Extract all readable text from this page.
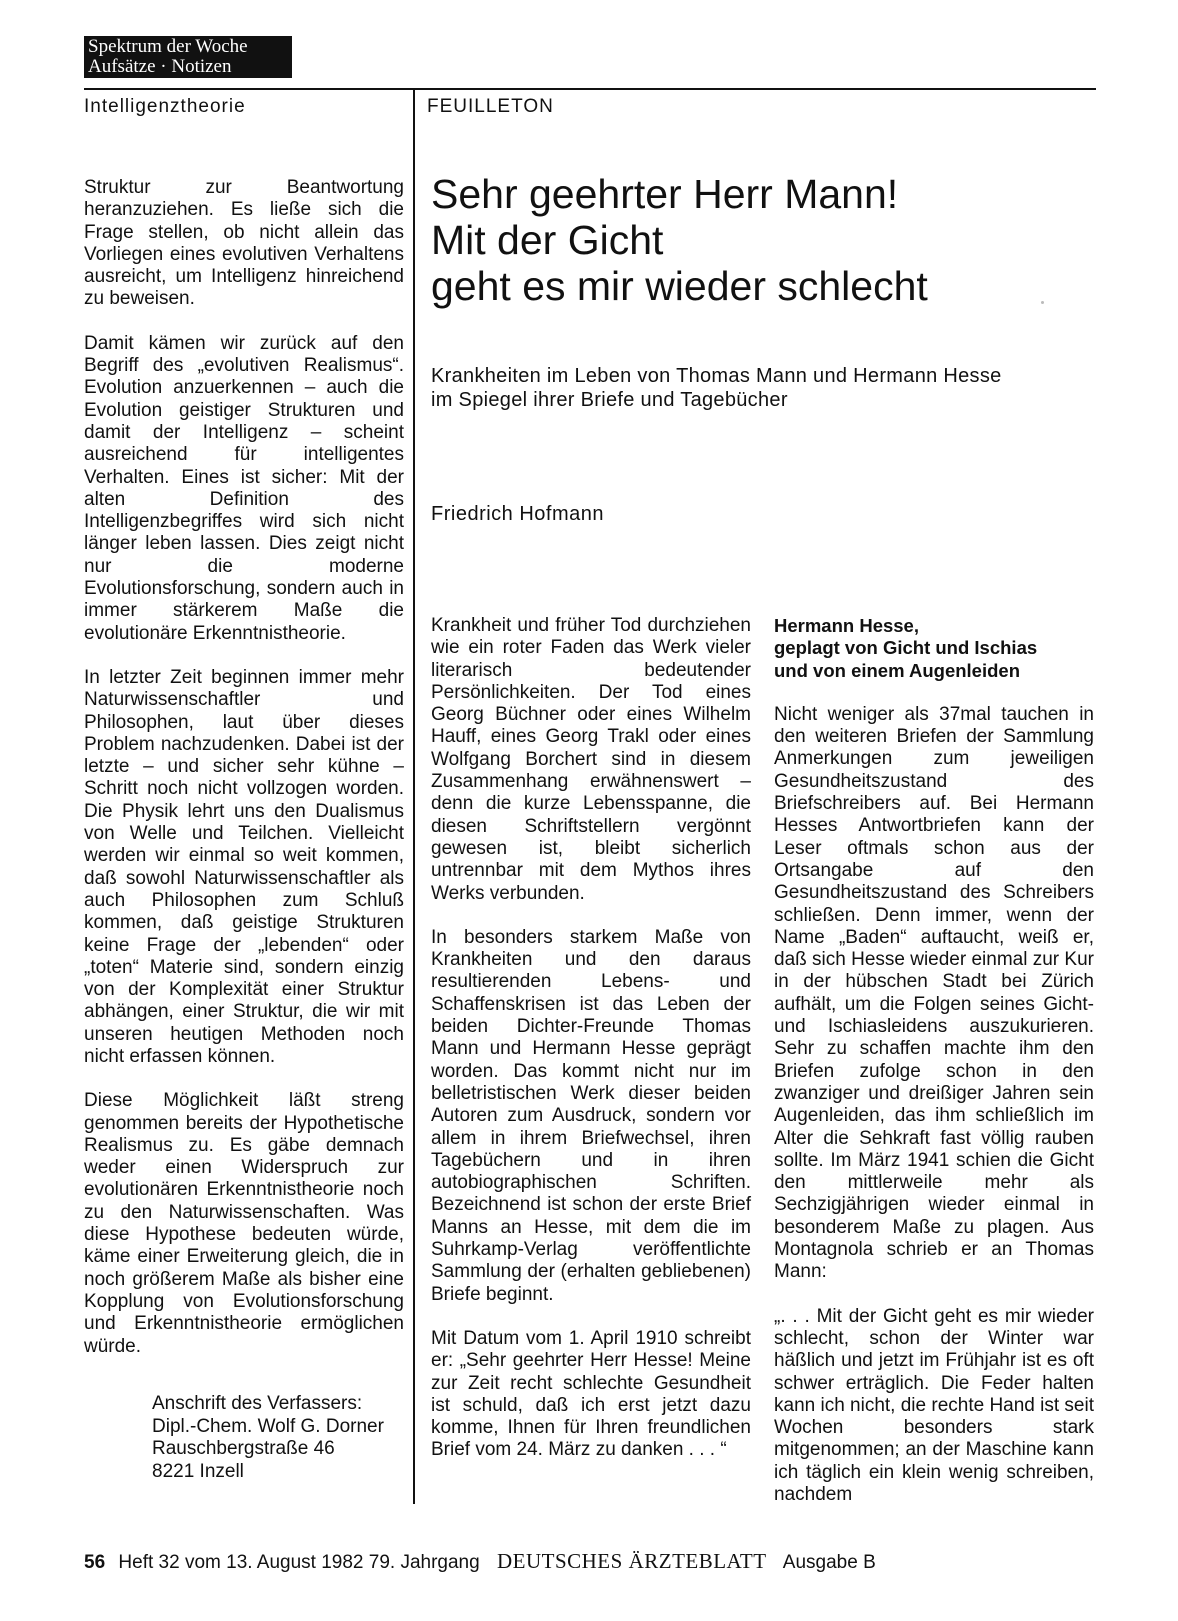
Spektrum der Woche
Aufsätze · Notizen
Intelligenztheorie	FEUILLETON

Struktur zur Beantwortung heranzuziehen. Es ließe sich die Frage stellen, ob nicht allein das Vorliegen eines evolutiven Verhaltens ausreicht, um Intelligenz hinreichend zu beweisen.

Damit kämen wir zurück auf den Begriff des „evolutiven Realismus“. Evolution anzuerkennen – auch die Evolution geistiger Strukturen und damit der Intelligenz – scheint ausreichend für intelligentes Verhalten. Eines ist sicher: Mit der alten Definition des Intelligenzbegriffes wird sich nicht länger leben lassen. Dies zeigt nicht nur die moderne Evolutionsforschung, sondern auch in immer stärkerem Maße die evolutionäre Erkenntnistheorie.

In letzter Zeit beginnen immer mehr Naturwissenschaftler und Philosophen, laut über dieses Problem nachzudenken. Dabei ist der letzte – und sicher sehr kühne – Schritt noch nicht vollzogen worden. Die Physik lehrt uns den Dualismus von Welle und Teilchen. Vielleicht werden wir einmal so weit kommen, daß sowohl Naturwissenschaftler als auch Philosophen zum Schluß kommen, daß geistige Strukturen keine Frage der „lebenden“ oder „toten“ Materie sind, sondern einzig von der Komplexität einer Struktur abhängen, einer Struktur, die wir mit unseren heutigen Methoden noch nicht erfassen können.

Diese Möglichkeit läßt streng genommen bereits der Hypothetische Realismus zu. Es gäbe demnach weder einen Widerspruch zur evolutionären Erkenntnistheorie noch zu den Naturwissenschaften. Was diese Hypothese bedeuten würde, käme einer Erweiterung gleich, die in noch größerem Maße als bisher eine Kopplung von Evolutionsforschung und Erkenntnistheorie ermöglichen würde.

Anschrift des Verfassers:
Dipl.-Chem. Wolf G. Dorner
Rauschbergstraße 46
8221 Inzell
Sehr geehrter Herr Mann!
Mit der Gicht
geht es mir wieder schlecht
Krankheiten im Leben von Thomas Mann und Hermann Hesse
im Spiegel ihrer Briefe und Tagebücher
Friedrich Hofmann

Krankheit und früher Tod durchziehen wie ein roter Faden das Werk vieler literarisch bedeutender Persönlichkeiten. Der Tod eines Georg Büchner oder eines Wilhelm Hauff, eines Georg Trakl oder eines Wolfgang Borchert sind in diesem Zusammenhang erwähnenswert – denn die kurze Lebensspanne, die diesen Schriftstellern vergönnt gewesen ist, bleibt sicherlich untrennbar mit dem Mythos ihres Werks verbunden.

In besonders starkem Maße von Krankheiten und den daraus resultierenden Lebens- und Schaffenskrisen ist das Leben der beiden Dichter-Freunde Thomas Mann und Hermann Hesse geprägt worden. Das kommt nicht nur im belletristischen Werk dieser beiden Autoren zum Ausdruck, sondern vor allem in ihrem Briefwechsel, ihren Tagebüchern und in ihren autobiographischen Schriften. Bezeichnend ist schon der erste Brief Manns an Hesse, mit dem die im Suhrkamp-Verlag veröffentlichte Sammlung der (erhalten gebliebenen) Briefe beginnt.

Mit Datum vom 1. April 1910 schreibt er: „Sehr geehrter Herr Hesse! Meine zur Zeit recht schlechte Gesundheit ist schuld, daß ich erst jetzt dazu komme, Ihnen für Ihren freundlichen Brief vom 24. März zu danken . . . “

Hermann Hesse,
geplagt von Gicht und Ischias
und von einem Augenleiden

Nicht weniger als 37mal tauchen in den weiteren Briefen der Sammlung Anmerkungen zum jeweiligen Gesundheitszustand des Briefschreibers auf. Bei Hermann Hesses Antwortbriefen kann der Leser oftmals schon aus der Ortsangabe auf den Gesundheitszustand des Schreibers schließen. Denn immer, wenn der Name „Baden“ auftaucht, weiß er, daß sich Hesse wieder einmal zur Kur in der hübschen Stadt bei Zürich aufhält, um die Folgen seines Gicht- und Ischiasleidens auszukurieren. Sehr zu schaffen machte ihm den Briefen zufolge schon in den zwanziger und dreißiger Jahren sein Augenleiden, das ihm schließlich im Alter die Sehkraft fast völlig rauben sollte. Im März 1941 schien die Gicht den mittlerweile mehr als Sechzigjährigen wieder einmal in besonderem Maße zu plagen. Aus Montagnola schrieb er an Thomas Mann:

„. . . Mit der Gicht geht es mir wieder schlecht, schon der Winter war häßlich und jetzt im Frühjahr ist es oft schwer erträglich. Die Feder halten kann ich nicht, die rechte Hand ist seit Wochen besonders stark mitgenommen; an der Maschine kann ich täglich ein klein wenig schreiben, nachdem

56 Heft 32 vom 13. August 1982 79. Jahrgang DEUTSCHES ÄRZTEBLATT Ausgabe B
